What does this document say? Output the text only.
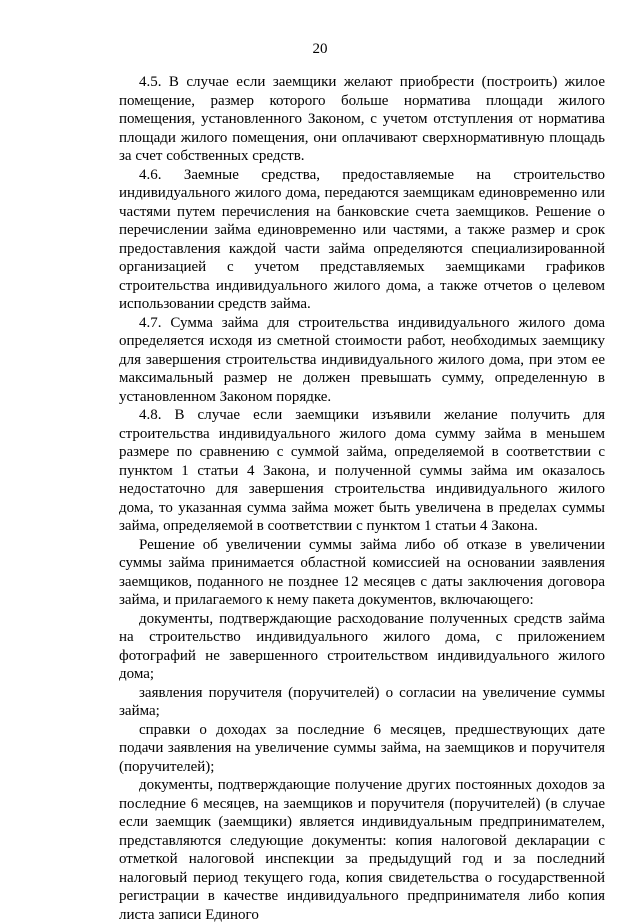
20

4.5. В случае если заемщики желают приобрести (построить) жилое помещение, размер которого больше норматива площади жилого помещения, установленного Законом, с учетом отступления от норматива площади жилого помещения, они оплачивают сверхнормативную площадь за счет собственных средств.

4.6. Заемные средства, предоставляемые на строительство индивидуального жилого дома, передаются заемщикам единовременно или частями путем перечисления на банковские счета заемщиков. Решение о перечислении займа единовременно или частями, а также размер и срок предоставления каждой части займа определяются специализированной организацией с учетом представляемых заемщиками графиков строительства индивидуального жилого дома, а также отчетов о целевом использовании средств займа.

4.7. Сумма займа для строительства индивидуального жилого дома определяется исходя из сметной стоимости работ, необходимых заемщику для завершения строительства индивидуального жилого дома, при этом ее максимальный размер не должен превышать сумму, определенную в установленном Законом порядке.

4.8. В случае если заемщики изъявили желание получить для строительства индивидуального жилого дома сумму займа в меньшем размере по сравнению с суммой займа, определяемой в соответствии с пунктом 1 статьи 4 Закона, и полученной суммы займа им оказалось недостаточно для завершения строительства индивидуального жилого дома, то указанная сумма займа может быть увеличена в пределах суммы займа, определяемой в соответствии с пунктом 1 статьи 4 Закона.

Решение об увеличении суммы займа либо об отказе в увеличении суммы займа принимается областной комиссией на основании заявления заемщиков, поданного не позднее 12 месяцев с даты заключения договора займа, и прилагаемого к нему пакета документов, включающего:

документы, подтверждающие расходование полученных средств займа на строительство индивидуального жилого дома, с приложением фотографий не завершенного строительством индивидуального жилого дома;

заявления поручителя (поручителей) о согласии на увеличение суммы займа;

справки о доходах за последние 6 месяцев, предшествующих дате подачи заявления на увеличение суммы займа, на заемщиков и поручителя (поручителей);

документы, подтверждающие получение других постоянных доходов за последние 6 месяцев, на заемщиков и поручителя (поручителей) (в случае если заемщик (заемщики) является индивидуальным предпринимателем, представляются следующие документы: копия налоговой декларации с отметкой налоговой инспекции за предыдущий год и за последний налоговый период текущего года, копия свидетельства о государственной регистрации в качестве индивидуального предпринимателя либо копия листа записи Единого
